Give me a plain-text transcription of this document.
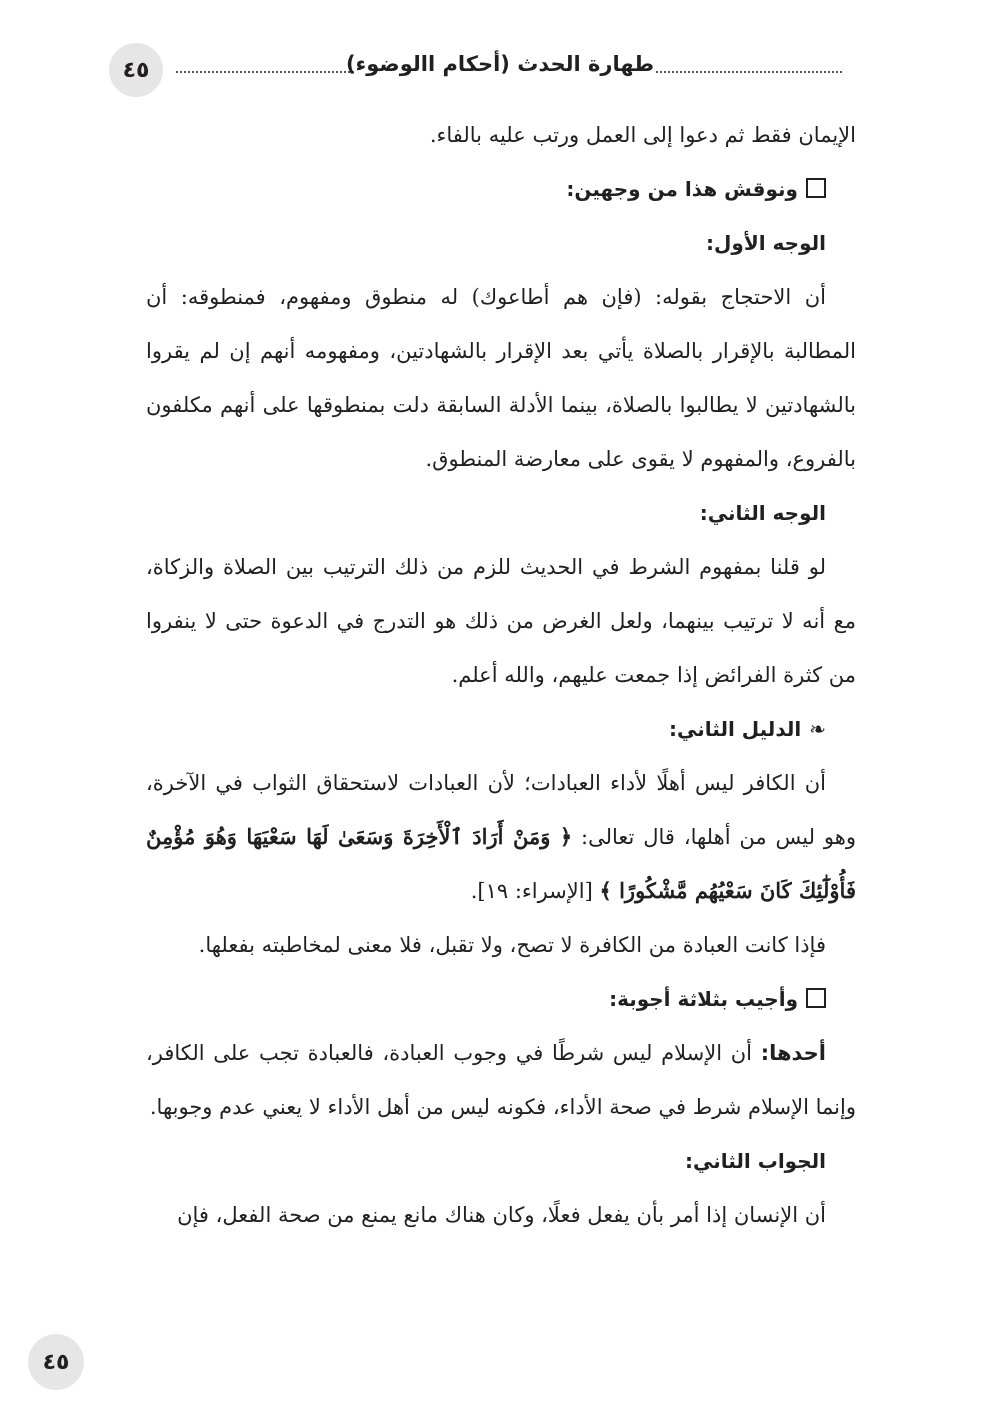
٤٥	طهارة الحدث (أحكام االوضوء)

الإيمان فقط ثم دعوا إلى العمل ورتب عليه بالفاء.

ونوقش هذا من وجهين:

الوجه الأول:

أن الاحتجاج بقوله: (فإن هم أطاعوك) له منطوق ومفهوم، فمنطوقه: أن المطالبة بالإقرار بالصلاة يأتي بعد الإقرار بالشهادتين، ومفهومه أنهم إن لم يقروا بالشهادتين لا يطالبوا بالصلاة، بينما الأدلة السابقة دلت بمنطوقها على أنهم مكلفون بالفروع، والمفهوم لا يقوى على معارضة المنطوق.

الوجه الثاني:

لو قلنا بمفهوم الشرط في الحديث للزم من ذلك الترتيب بين الصلاة والزكاة، مع أنه لا ترتيب بينهما، ولعل الغرض من ذلك هو التدرج في الدعوة حتى لا ينفروا من كثرة الفرائض إذا جمعت عليهم، والله أعلم.

❧الدليل الثاني:

أن الكافر ليس أهلًا لأداء العبادات؛ لأن العبادات لاستحقاق الثواب في الآخرة، وهو ليس من أهلها، قال تعالى: ﴿ وَمَنْ أَرَادَ ٱلْأَخِرَةَ وَسَعَىٰ لَهَا سَعْيَهَا وَهُوَ مُؤْمِنٌ فَأُوْلَٰٓئِكَ كَانَ سَعْيُهُم مَّشْكُورًا ﴾ [الإسراء: ١٩].

فإذا كانت العبادة من الكافرة لا تصح، ولا تقبل، فلا معنى لمخاطبته بفعلها.

وأجيب بثلاثة أجوبة:

أحدها: أن الإسلام ليس شرطًا في وجوب العبادة، فالعبادة تجب على الكافر، وإنما الإسلام شرط في صحة الأداء، فكونه ليس من أهل الأداء لا يعني عدم وجوبها.

الجواب الثاني:

أن الإنسان إذا أمر بأن يفعل فعلًا، وكان هناك مانع يمنع من صحة الفعل، فإن

٤٥
